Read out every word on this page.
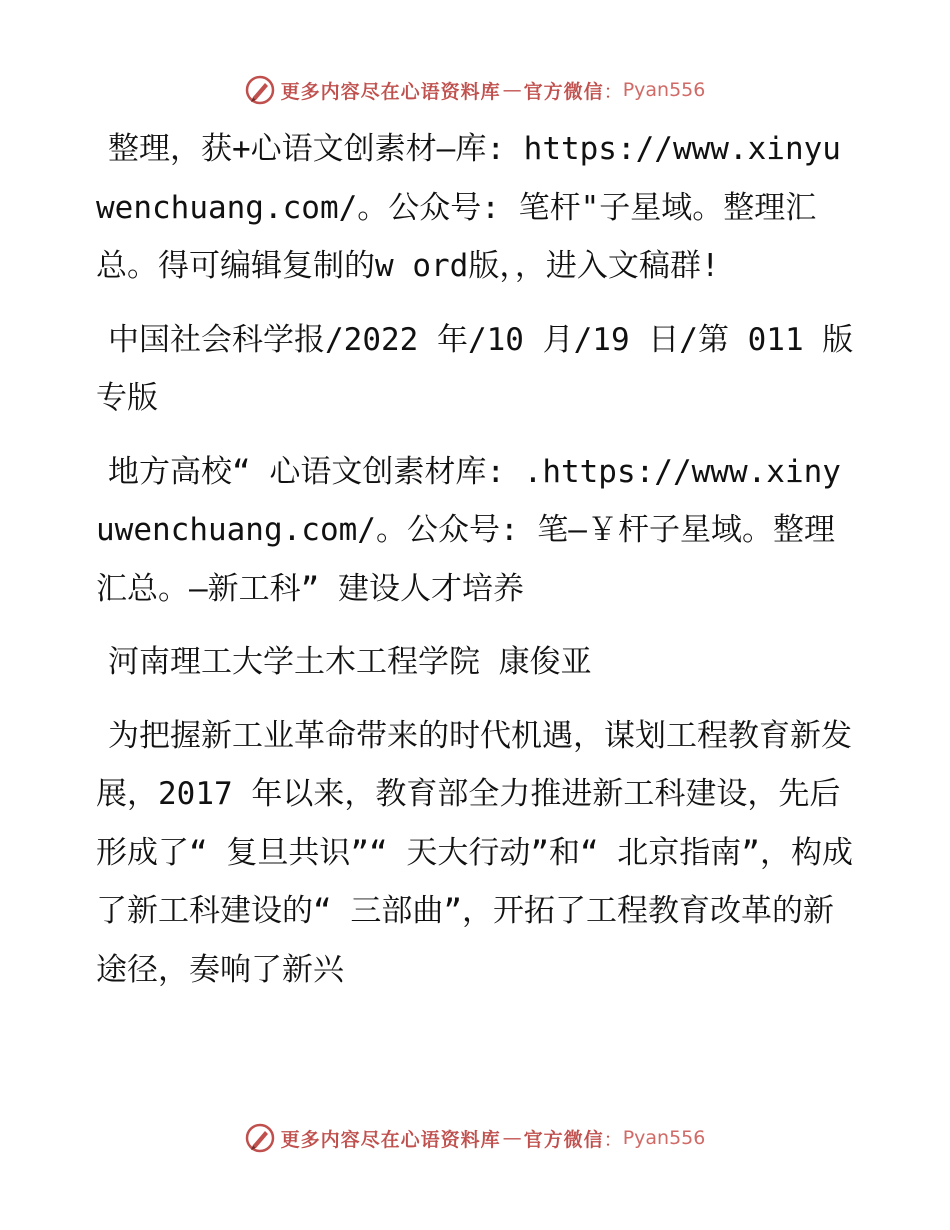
更多内容尽在心语资料库 — 官方微信 ： Pyan556

整理，获+心语文创素材—库: https://www.xinyuwenchuang.com/。公众号: 笔杆"子星域。整理汇总。得可编辑复制的w ord版，，进入文稿群!

中国社会科学报/2022 年/10 月/19 日/第 011 版专版

地方高校“ 心语文创素材库: .https://www.xinyuwenchuang.com/。公众号: 笔—￥杆子星域。整理汇总。—新工科” 建设人才培养

河南理工大学土木工程学院 康俊亚

为把握新工业革命带来的时代机遇，谋划工程教育新发展，2017 年以来，教育部全力推进新工科建设，先后形成了“ 复旦共识”“ 天大行动”和“ 北京指南”，构成了新工科建设的“ 三部曲”，开拓了工程教育改革的新途径，奏响了新兴

更多内容尽在心语资料库 — 官方微信 ： Pyan556
